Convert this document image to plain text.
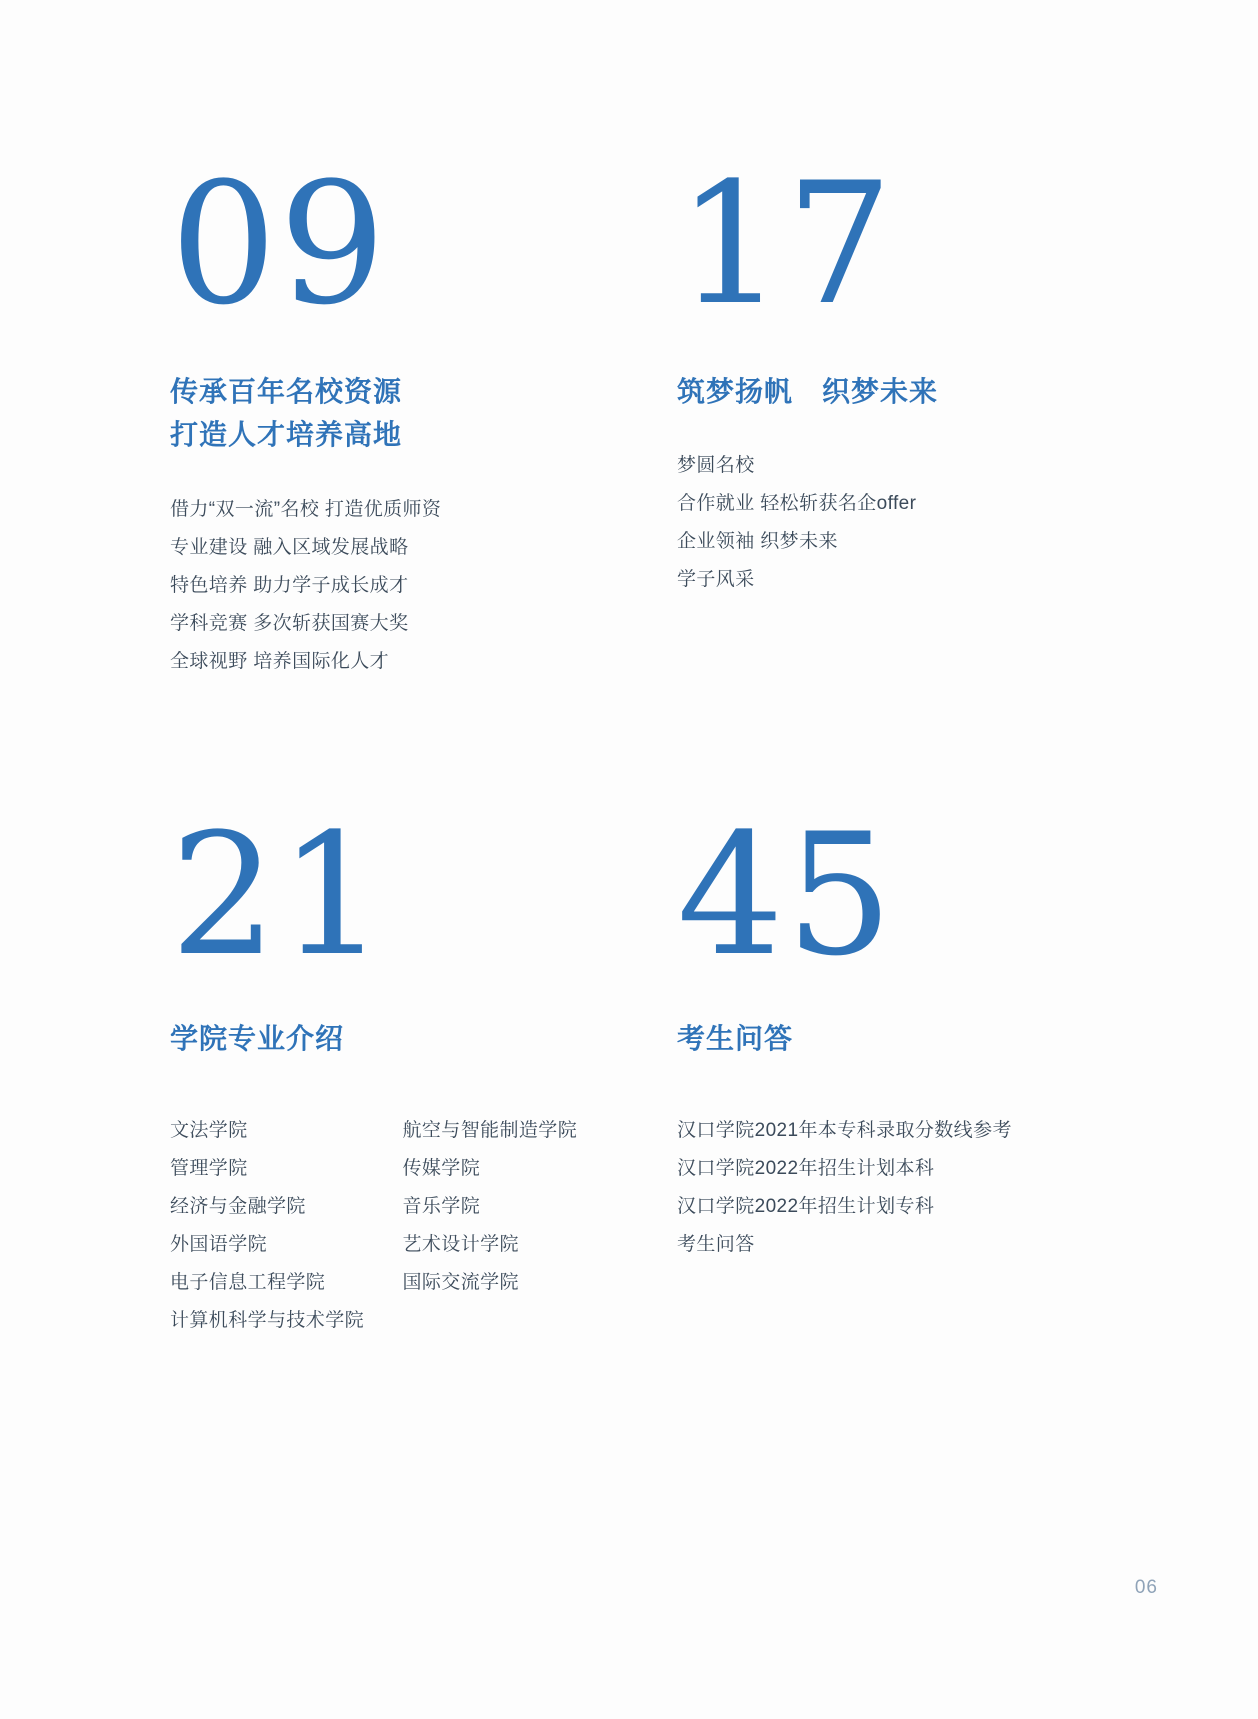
09
传承百年名校资源
打造人才培养高地
借力“双一流”名校 打造优质师资
专业建设 融入区域发展战略
特色培养 助力学子成长成才
学科竞赛 多次斩获国赛大奖
全球视野 培养国际化人才
17
筑梦扬帆　织梦未来
梦圆名校
合作就业 轻松斩获名企offer
企业领袖 织梦未来
学子风采
21
学院专业介绍
文法学院
管理学院
经济与金融学院
外国语学院
电子信息工程学院
计算机科学与技术学院
航空与智能制造学院
传媒学院
音乐学院
艺术设计学院
国际交流学院
45
考生问答
汉口学院2021年本专科录取分数线参考
汉口学院2022年招生计划本科
汉口学院2022年招生计划专科
考生问答
06
